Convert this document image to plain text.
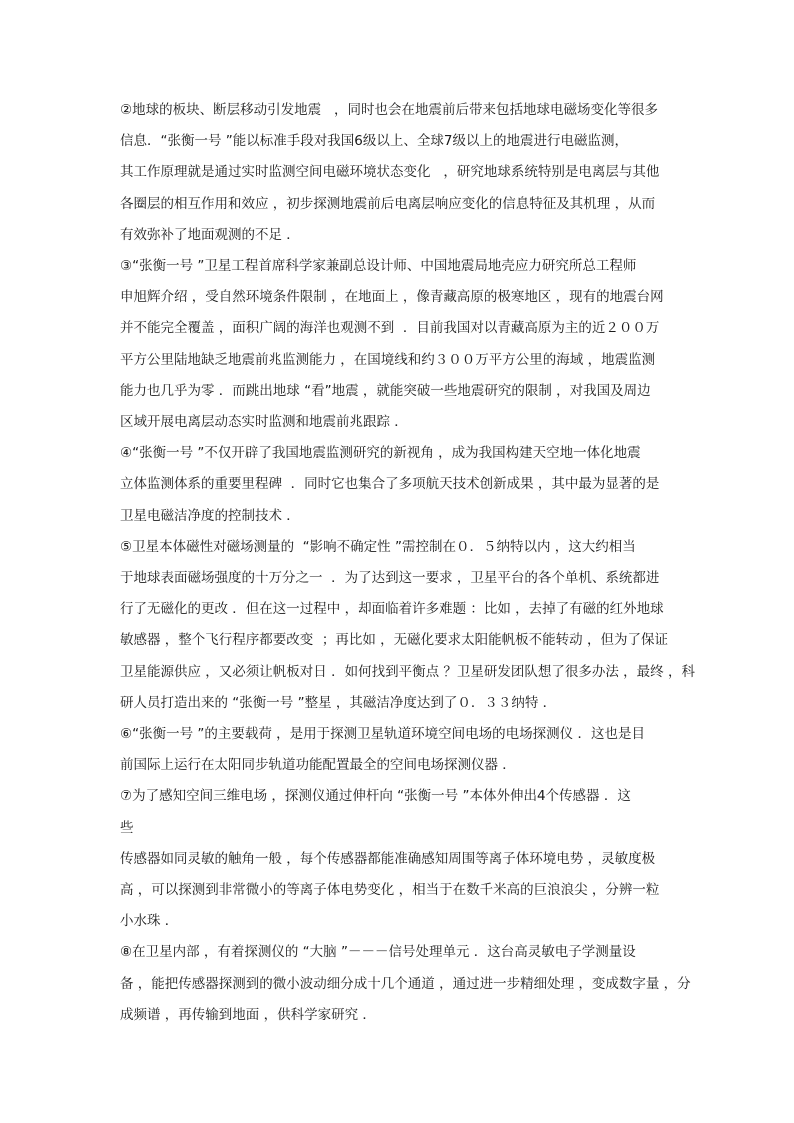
②地球的板块、断层移动引发地震   ，同时也会在地震前后带来包括地球电磁场变化等很多
信息．“张衡一号 ”能以标准手段对我国6级以上、全球7级以上的地震进行电磁监测，
其工作原理就是通过实时监测空间电磁环境状态变化   ，研究地球系统特别是电离层与其他
各圈层的相互作用和效应 ，初步探测地震前后电离层响应变化的信息特征及其机理 ，从而
有效弥补了地面观测的不足 ．
③“张衡一号 ”卫星工程首席科学家兼副总设计师、中国地震局地壳应力研究所总工程师
申旭辉介绍 ，受自然环境条件限制 ，在地面上 ，像青藏高原的极寒地区 ，现有的地震台网
并不能完全覆盖 ，面积广阔的海洋也观测不到  ．目前我国对以青藏高原为主的近２００万
平方公里陆地缺乏地震前兆监测能力 ，在国境线和约３００万平方公里的海域 ，地震监测
能力也几乎为零 ．而跳出地球 “看”地震 ，就能突破一些地震研究的限制 ，对我国及周边
区域开展电离层动态实时监测和地震前兆跟踪 ．
④“张衡一号 ”不仅开辟了我国地震监测研究的新视角 ，成为我国构建天空地一体化地震
立体监测体系的重要里程碑  ．同时它也集合了多项航天技术创新成果 ，其中最为显著的是
卫星电磁洁净度的控制技术 ．
⑤卫星本体磁性对磁场测量的  “影响不确定性 ”需控制在０．５纳特以内 ，这大约相当
于地球表面磁场强度的十万分之一  ．为了达到这一要求 ，卫星平台的各个单机、系统都进
行了无磁化的更改 ．但在这一过程中 ，却面临着许多难题 ：比如 ，去掉了有磁的红外地球
敏感器 ，整个飞行程序都要改变  ；再比如 ，无磁化要求太阳能帆板不能转动 ，但为了保证
卫星能源供应 ，又必须让帆板对日 ．如何找到平衡点 ？卫星研发团队想了很多办法 ，最终 ，科
研人员打造出来的 “张衡一号 ”整星 ，其磁洁净度达到了０．３３纳特 ．
⑥“张衡一号 ”的主要载荷 ，是用于探测卫星轨道环境空间电场的电场探测仪 ．这也是目
前国际上运行在太阳同步轨道功能配置最全的空间电场探测仪器 ．
⑦为了感知空间三维电场 ，探测仪通过伸杆向 “张衡一号 ”本体外伸出4个传感器 ．这
些
传感器如同灵敏的触角一般 ，每个传感器都能准确感知周围等离子体环境电势 ，灵敏度极
高 ，可以探测到非常微小的等离子体电势变化 ，相当于在数千米高的巨浪浪尖 ，分辨一粒
小水珠 ．
⑧在卫星内部 ，有着探测仪的 “大脑 ”－－－信号处理单元 ．这台高灵敏电子学测量设
备 ，能把传感器探测到的微小波动细分成十几个通道 ，通过进一步精细处理 ，变成数字量 ，分
成频谱 ，再传输到地面 ，供科学家研究 ．
